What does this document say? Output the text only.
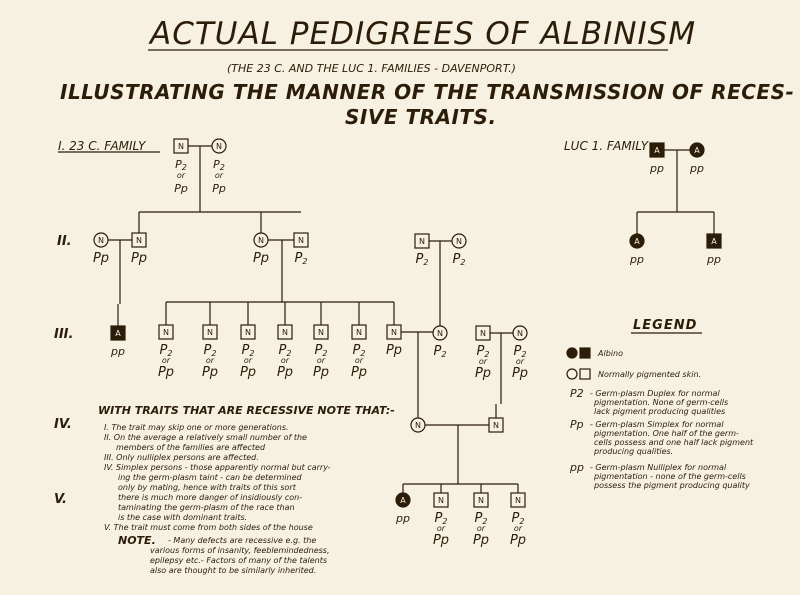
ACTUAL PEDIGREES OF ALBINISM
(THE 23 C. AND THE LUC 1. FAMILIES - DAVENPORT.)
ILLUSTRATING THE MANNER OF THE TRANSMISSION OF RECES-
SIVE TRAITS.
I. 23 C. FAMILY	LUC 1. FAMILY
II.
III.
IV.
V.
N
P2
or
Pp
N
P2
or
Pp
A
pp
A
pp
N
Pp
N
Pp
N
Pp
N
P2
N
P2
N
P2
A
pp
A
pp
A
pp
N
P2
or
Pp
N
P2
or
Pp
N
P2
or
Pp
N
P2
or
Pp
N
P2
or
Pp
N
P2
or
Pp
N
Pp
N
P2
N
P2
or
Pp
N
P2
or
Pp
N	N
A
pp
N
P2
or
Pp
N
P2
or
Pp
N
P2
or
Pp
WITH TRAITS THAT ARE RECESSIVE NOTE THAT:-
I. The trait may skip one or more generations.
II. On the average a relatively small number of the
members of the families are affected
III. Only nulliplex persons are affected.
IV. Simplex persons - those apparently normal but carry-
ing the germ-plasm taint - can be determined
only by mating, hence with traits of this sort
there is much more danger of insidiously con-
taminating the germ-plasm of the race than
is the case with dominant traits.
V. The trait must come from both sides of the house
NOTE. - Many defects are recessive e.g. the
various forms of insanity, feeblemindedness,
epilepsy etc.- Factors of many of the talents
also are thought to be similarly inherited.
LEGEND
Albino
Normally pigmented skin.
P2 - Germ-plasm Duplex for normal
pigmentation. None of germ-cells
lack pigment producing qualities
Pp - Germ-plasm Simplex for normal
pigmentation. One half of the germ-
cells possess and one half lack pigment
producing qualities.
pp - Germ-plasm Nulliplex for normal
pigmentation - none of the germ-cells
possess the pigment producing quality
